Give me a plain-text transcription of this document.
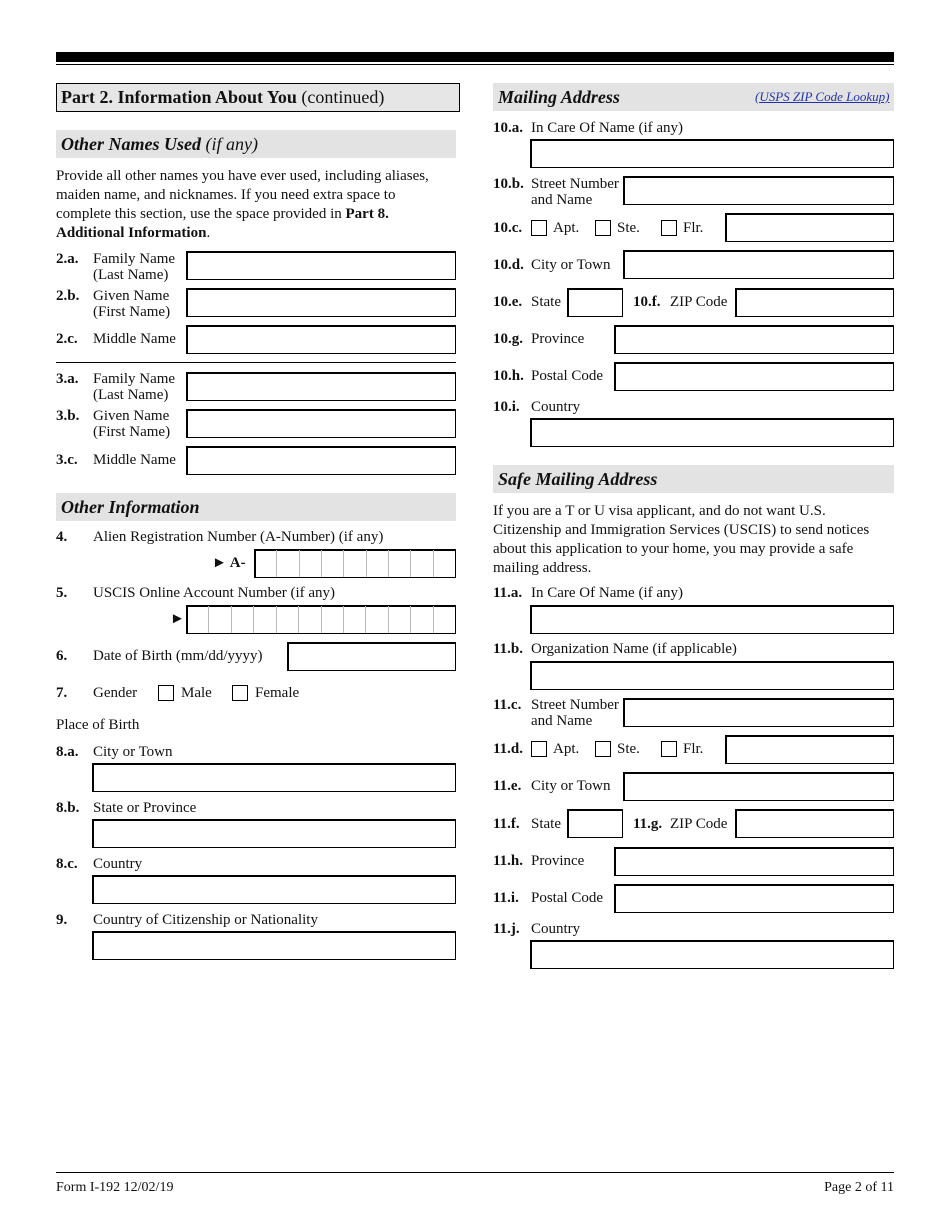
Part 2. Information About You (continued)
Other Names Used (if any)
Provide all other names you have ever used, including aliases, maiden name, and nicknames. If you need extra space to complete this section, use the space provided in Part 8. Additional Information.
2.a. Family Name
(Last Name)
2.b. Given Name
(First Name)
2.c. Middle Name
3.a. Family Name
(Last Name)
3.b. Given Name
(First Name)
3.c. Middle Name
Other Information
4. Alien Registration Number (A-Number) (if any)
► A-
5. USCIS Online Account Number (if any)
►
6. Date of Birth (mm/dd/yyyy)
7. Gender	Male	Female
Place of Birth
8.a. City or Town
8.b. State or Province
8.c. Country
9. Country of Citizenship or Nationality
Mailing Address	(USPS ZIP Code Lookup)
10.a. In Care Of Name (if any)
10.b. Street Number
and Name
10.c. Apt.	Ste.	Flr.
10.d. City or Town
10.e. State	10.f. ZIP Code
10.g. Province
10.h. Postal Code
10.i. Country
Safe Mailing Address
If you are a T or U visa applicant, and do not want U.S. Citizenship and Immigration Services (USCIS) to send notices about this application to your home, you may provide a safe mailing address.
11.a. In Care Of Name (if any)
11.b. Organization Name (if applicable)
11.c. Street Number
and Name
11.d. Apt.	Ste.	Flr.
11.e. City or Town
11.f. State	11.g. ZIP Code
11.h. Province
11.i. Postal Code
11.j. Country
Form I-192 12/02/19	Page 2 of 11
